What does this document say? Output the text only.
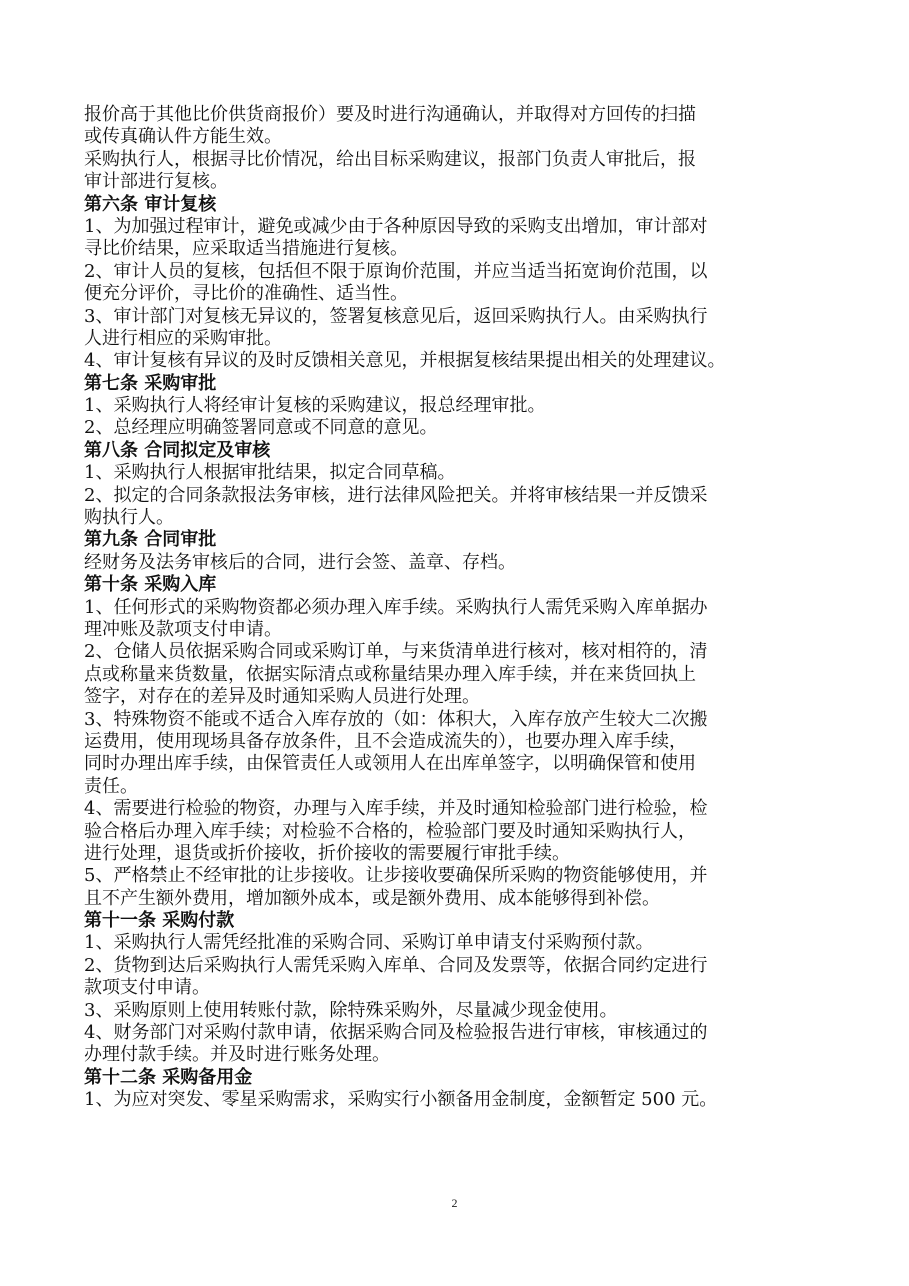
报价高于其他比价供货商报价）要及时进行沟通确认，并取得对方回传的扫描
或传真确认件方能生效。
采购执行人，根据寻比价情况，给出目标采购建议，报部门负责人审批后，报
审计部进行复核。
第六条 审计复核
1、为加强过程审计，避免或减少由于各种原因导致的采购支出增加，审计部对
寻比价结果，应采取适当措施进行复核。
2、审计人员的复核，包括但不限于原询价范围，并应当适当拓宽询价范围，以
便充分评价，寻比价的准确性、适当性。
3、审计部门对复核无异议的，签署复核意见后，返回采购执行人。由采购执行
人进行相应的采购审批。
4、审计复核有异议的及时反馈相关意见，并根据复核结果提出相关的处理建议。
第七条 采购审批
1、采购执行人将经审计复核的采购建议，报总经理审批。
2、总经理应明确签署同意或不同意的意见。
第八条 合同拟定及审核
1、采购执行人根据审批结果，拟定合同草稿。
2、拟定的合同条款报法务审核，进行法律风险把关。并将审核结果一并反馈采
购执行人。
第九条 合同审批
经财务及法务审核后的合同，进行会签、盖章、存档。
第十条 采购入库
1、任何形式的采购物资都必须办理入库手续。采购执行人需凭采购入库单据办
理冲账及款项支付申请。
2、仓储人员依据采购合同或采购订单，与来货清单进行核对，核对相符的，清
点或称量来货数量，依据实际清点或称量结果办理入库手续，并在来货回执上
签字，对存在的差异及时通知采购人员进行处理。
3、特殊物资不能或不适合入库存放的（如：体积大，入库存放产生较大二次搬
运费用，使用现场具备存放条件，且不会造成流失的），也要办理入库手续，
同时办理出库手续，由保管责任人或领用人在出库单签字，以明确保管和使用
责任。
4、需要进行检验的物资，办理与入库手续，并及时通知检验部门进行检验，检
验合格后办理入库手续；对检验不合格的，检验部门要及时通知采购执行人，
进行处理，退货或折价接收，折价接收的需要履行审批手续。
5、严格禁止不经审批的让步接收。让步接收要确保所采购的物资能够使用，并
且不产生额外费用，增加额外成本，或是额外费用、成本能够得到补偿。
第十一条 采购付款
1、采购执行人需凭经批准的采购合同、采购订单申请支付采购预付款。
2、货物到达后采购执行人需凭采购入库单、合同及发票等，依据合同约定进行
款项支付申请。
3、采购原则上使用转账付款，除特殊采购外，尽量减少现金使用。
4、财务部门对采购付款申请，依据采购合同及检验报告进行审核，审核通过的
办理付款手续。并及时进行账务处理。
第十二条 采购备用金
1、为应对突发、零星采购需求，采购实行小额备用金制度，金额暂定 500 元。
2
